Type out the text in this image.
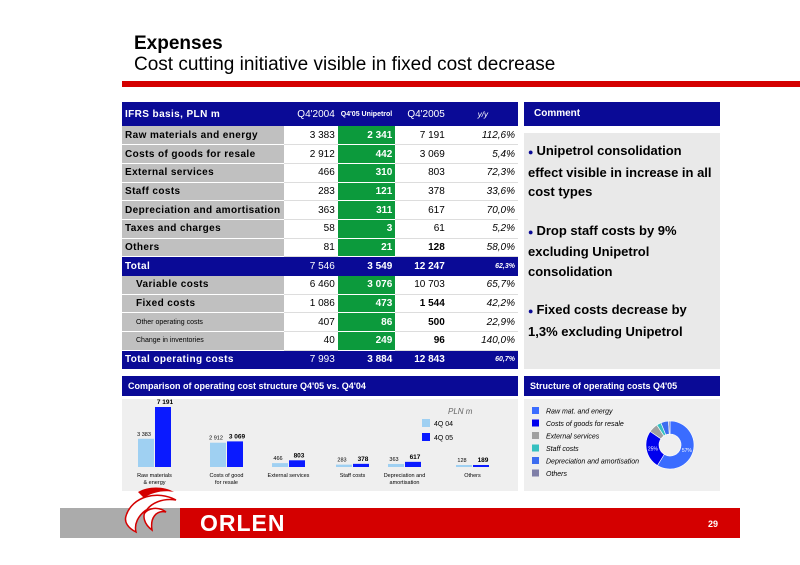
Expenses
Cost cutting initiative visible in fixed cost decrease
IFRS basis, PLN m	Q4'2004	Q4'05 Unipetrol	Q4'2005	y/y
Raw materials and energy	3 383	2 341	7 191	112,6%
Costs of goods for resale	2 912	442	3 069	5,4%
External services	466	310	803	72,3%
Staff costs	283	121	378	33,6%
Depreciation and amortisation	363	311	617	70,0%
Taxes and charges	58	3	61	5,2%
Others	81	21	128	58,0%
Total	7 546	3 549	12 247	62,3%
Variable costs	6 460	3 076	10 703	65,7%
Fixed costs	1 086	473	1 544	42,2%
Other operating costs	407	86	500	22,9%
Change in inventories	40	249	96	140,0%
Total operating costs	7 993	3 884	12 843	60,7%
Comment

● Unipetrol consolidation effect visible in increase in all cost types

● Drop staff costs by 9% excluding Unipetrol consolidation

● Fixed costs decrease by 1,3% excluding Unipetrol

Comparison of operating cost structure Q4'05 vs. Q4'04
3 383
7 191
Raw materials
& energy
2 912 3 069
Costs of good
for resale
466 803
External services
283 378
Staff costs
363 617
Depreciation and
amortisation
128 189
Others
PLN m
4Q 04
4Q 05
Structure of operating costs Q4'05
Raw mat. and energy
Costs of goods for resale
External services
Staff costs
Depreciation and amortisation
Others
57%
25%
ORLEN	29
